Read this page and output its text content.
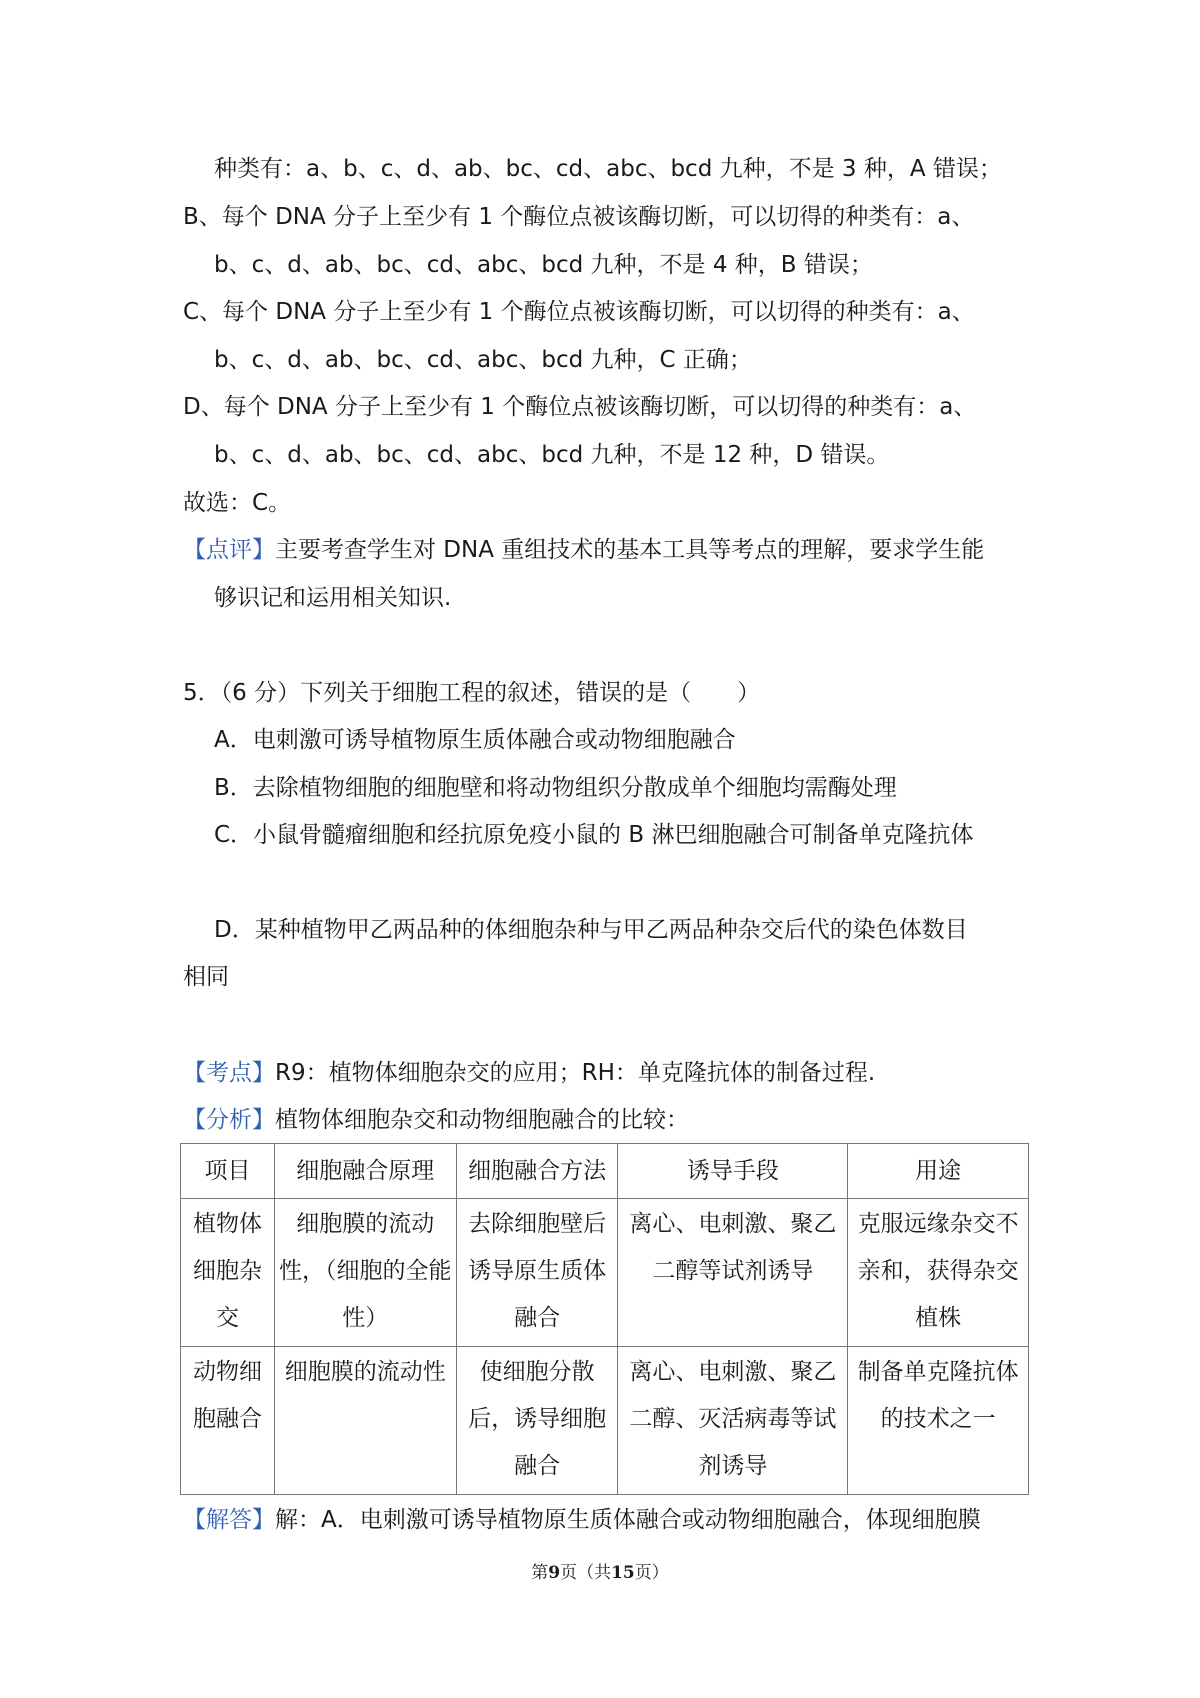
种类有：a、b、c、d、ab、bc、cd、abc、bcd 九种，不是 3 种，A 错误；
B、每个 DNA 分子上至少有 1 个酶位点被该酶切断，可以切得的种类有：a、
b、c、d、ab、bc、cd、abc、bcd 九种，不是 4 种，B 错误；
C、每个 DNA 分子上至少有 1 个酶位点被该酶切断，可以切得的种类有：a、
b、c、d、ab、bc、cd、abc、bcd 九种，C 正确；
D、每个 DNA 分子上至少有 1 个酶位点被该酶切断，可以切得的种类有：a、
b、c、d、ab、bc、cd、abc、bcd 九种，不是 12 种，D 错误。
故选：C。
【点评】主要考查学生对 DNA 重组技术的基本工具等考点的理解，要求学生能
够识记和运用相关知识.
5．（6 分）下列关于细胞工程的叙述，错误的是（　　）
A．电刺激可诱导植物原生质体融合或动物细胞融合
B．去除植物细胞的细胞壁和将动物组织分散成单个细胞均需酶处理
C．小鼠骨髓瘤细胞和经抗原免疫小鼠的 B 淋巴细胞融合可制备单克隆抗体
D．某种植物甲乙两品种的体细胞杂种与甲乙两品种杂交后代的染色体数目
相同
【考点】R9：植物体细胞杂交的应用；RH：单克隆抗体的制备过程.
【分析】植物体细胞杂交和动物细胞融合的比较：
项目	细胞融合原理	细胞融合方法	诱导手段	用途
植物体细胞杂交	细胞膜的流动性，（细胞的全能性）	去除细胞壁后诱导原生质体融合	离心、电刺激、聚乙二醇等试剂诱导	克服远缘杂交不亲和，获得杂交植株
动物细胞融合	细胞膜的流动性	使细胞分散后，诱导细胞融合	离心、电刺激、聚乙二醇、灭活病毒等试剂诱导	制备单克隆抗体的技术之一
【解答】解：A．电刺激可诱导植物原生质体融合或动物细胞融合，体现细胞膜
第9页（共15页）
